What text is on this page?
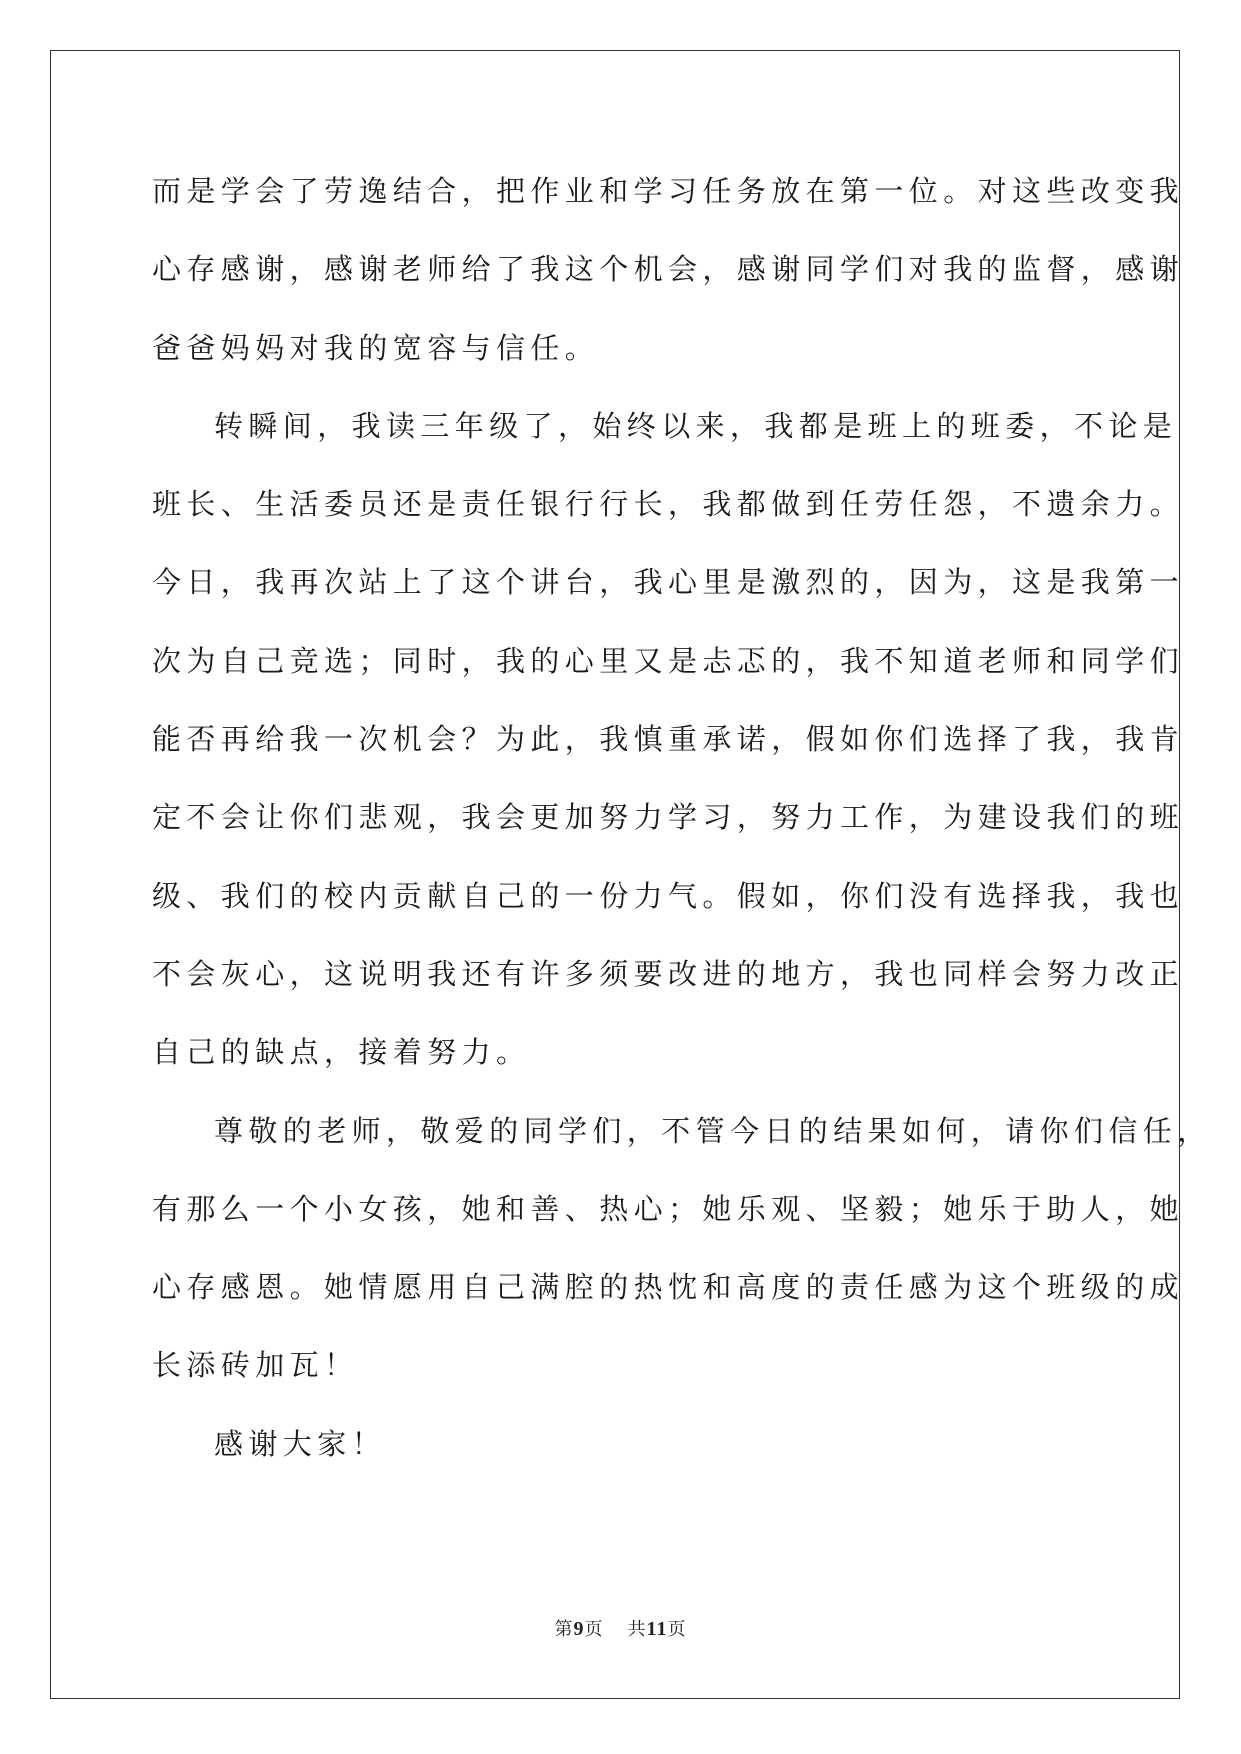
而是学会了劳逸结合，把作业和学习任务放在第一位。对这些改变我
心存感谢，感谢老师给了我这个机会，感谢同学们对我的监督，感谢
爸爸妈妈对我的宽容与信任。
转瞬间，我读三年级了，始终以来，我都是班上的班委，不论是
班长、生活委员还是责任银行行长，我都做到任劳任怨，不遗余力。
今日，我再次站上了这个讲台，我心里是激烈的，因为，这是我第一
次为自己竞选；同时，我的心里又是忐忑的，我不知道老师和同学们
能否再给我一次机会？为此，我慎重承诺，假如你们选择了我，我肯
定不会让你们悲观，我会更加努力学习，努力工作，为建设我们的班
级、我们的校内贡献自己的一份力气。假如，你们没有选择我，我也
不会灰心，这说明我还有许多须要改进的地方，我也同样会努力改正
自己的缺点，接着努力。
尊敬的老师，敬爱的同学们，不管今日的结果如何，请你们信任，
有那么一个小女孩，她和善、热心；她乐观、坚毅；她乐于助人，她
心存感恩。她情愿用自己满腔的热忱和高度的责任感为这个班级的成
长添砖加瓦！
感谢大家！
第9页 共11页
